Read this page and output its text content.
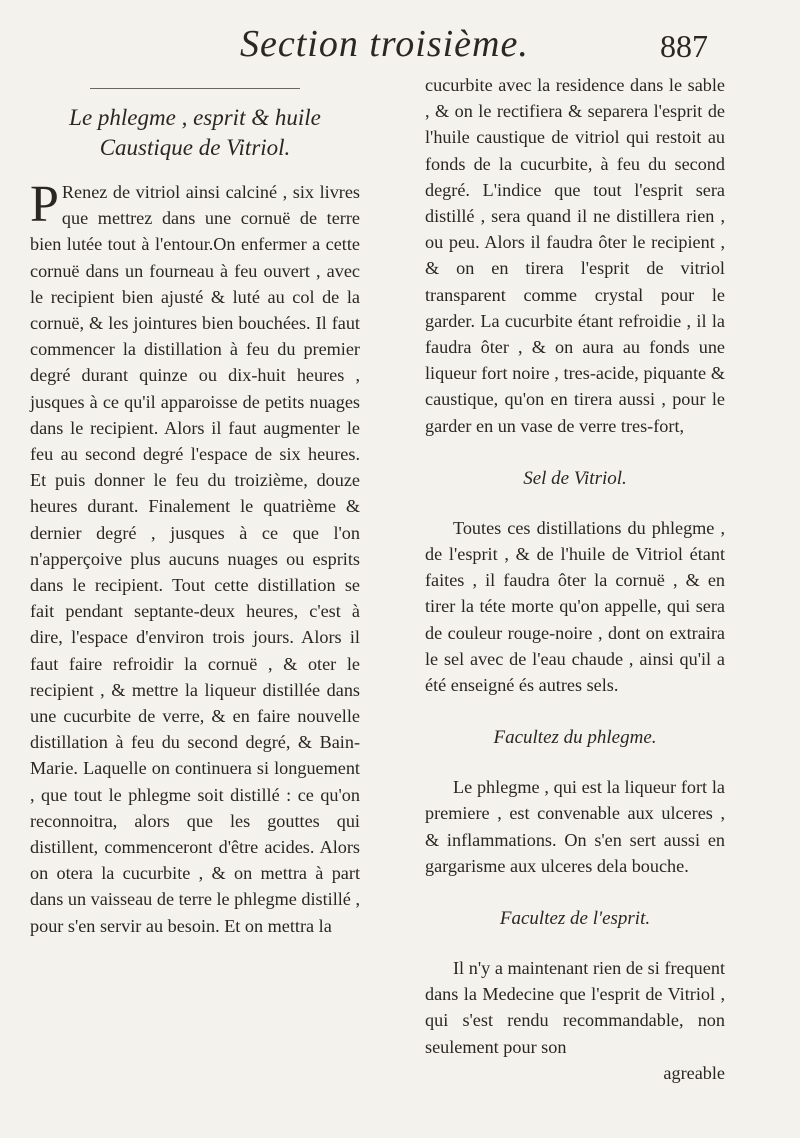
Section troisième.	887
Le phlegme , esprit & huile
Caustique de Vitriol.

P Renez de vitriol ainsi calciné , six livres que mettrez dans une cornuë de terre bien lutée tout à l'entour.On enfermer a cette cornuë dans un fourneau à feu ouvert , avec le recipient bien ajusté & luté au col de la cornuë, & les jointures bien bouchées. Il faut commencer la distillation à feu du premier degré durant quinze ou dix-huit heures , jusques à ce qu'il apparoisse de petits nuages dans le recipient. Alors il faut augmenter le feu au second degré l'espace de six heures. Et puis donner le feu du troizième, douze heures durant. Finalement le quatrième & dernier degré , jusques à ce que l'on n'apperçoive plus aucuns nuages ou esprits dans le recipient. Tout cette distillation se fait pendant septante-deux heures, c'est à dire, l'espace d'environ trois jours. Alors il faut faire refroidir la cornuë , & oter le recipient , & mettre la liqueur distillée dans une cucurbite de verre, & en faire nouvelle distillation à feu du second degré, & Bain-Marie. Laquelle on continuera si longuement , que tout le phlegme soit distillé : ce qu'on reconnoitra, alors que les gouttes qui distillent, commenceront d'être acides. Alors on otera la cucurbite , & on mettra à part dans un vaisseau de terre le phlegme distillé , pour s'en servir au besoin. Et on mettra la

cucurbite avec la residence dans le sable , & on le rectifiera & separera l'esprit de l'huile caustique de vitriol qui restoit au fonds de la cucurbite, à feu du second degré. L'indice que tout l'esprit sera distillé , sera quand il ne distillera rien , ou peu. Alors il faudra ôter le recipient , & on en tirera l'esprit de vitriol transparent comme crystal pour le garder. La cucurbite étant refroidie , il la faudra ôter , & on aura au fonds une liqueur fort noire , tres-acide, piquante & caustique, qu'on en tirera aussi , pour le garder en un vase de verre tres-fort,

Sel de Vitriol.

Toutes ces distillations du phlegme , de l'esprit , & de l'huile de Vitriol étant faites , il faudra ôter la cornuë , & en tirer la téte morte qu'on appelle, qui sera de couleur rouge-noire , dont on extraira le sel avec de l'eau chaude , ainsi qu'il a été enseigné és autres sels.

Facultez du phlegme.

Le phlegme , qui est la liqueur fort la premiere , est convenable aux ulceres , & inflammations. On s'en sert aussi en gargarisme aux ulceres dela bouche.

Facultez de l'esprit.

Il n'y a maintenant rien de si frequent dans la Medecine que l'esprit de Vitriol , qui s'est rendu recommandable, non seulement pour son

agreable
